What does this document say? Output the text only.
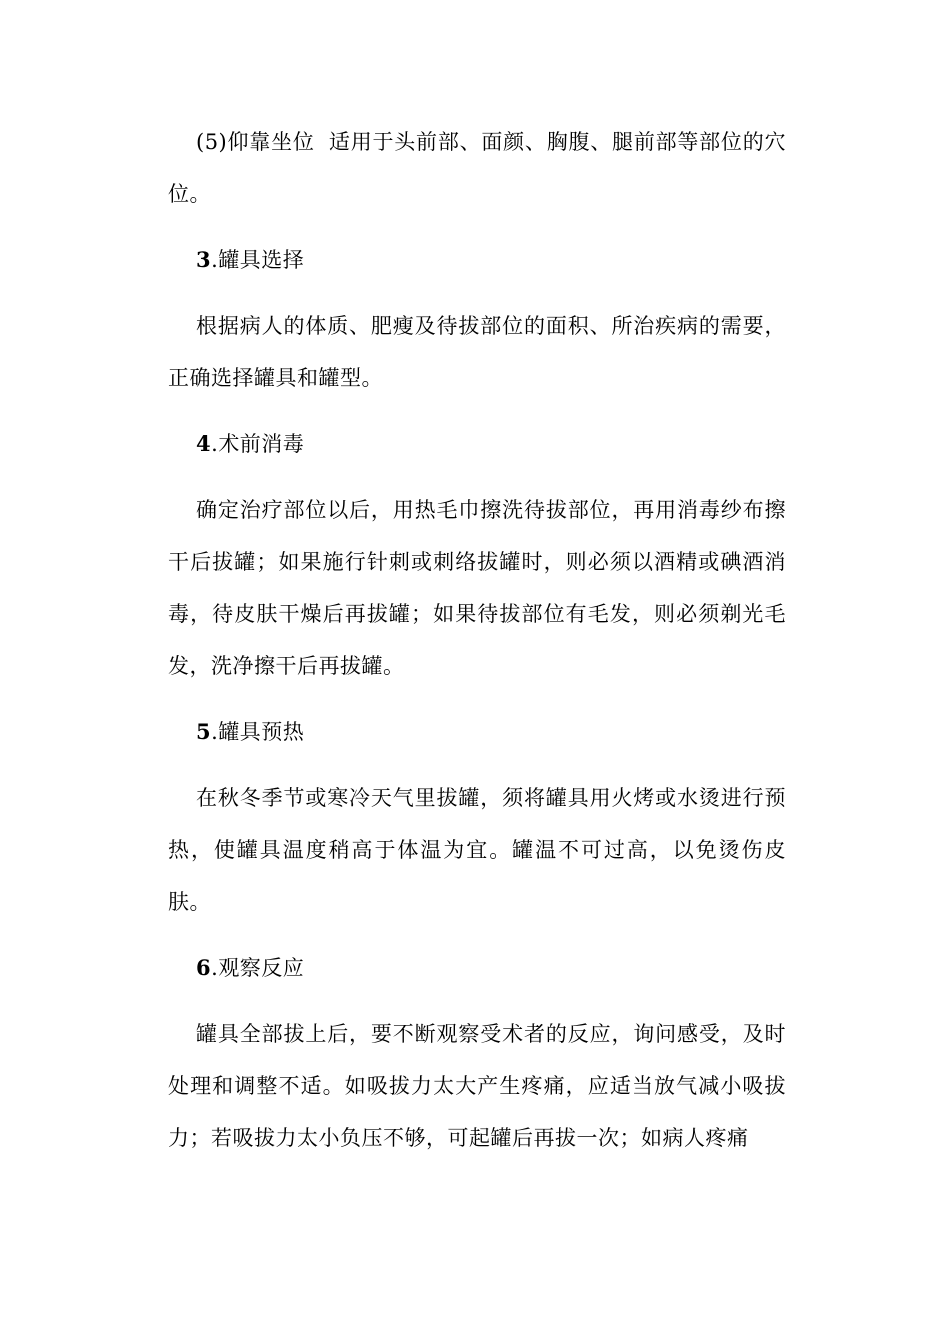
(5)仰靠坐位 适用于头前部、面颜、胸腹、腿前部等部位的穴位。

3.罐具选择

根据病人的体质、肥瘦及待拔部位的面积、所治疾病的需要，正确选择罐具和罐型。

4.术前消毒

确定治疗部位以后，用热毛巾擦洗待拔部位，再用消毒纱布擦干后拔罐；如果施行针刺或刺络拔罐时，则必须以酒精或碘酒消毒，待皮肤干燥后再拔罐；如果待拔部位有毛发，则必须剃光毛发，洗净擦干后再拔罐。

5.罐具预热

在秋冬季节或寒冷天气里拔罐，须将罐具用火烤或水烫进行预热，使罐具温度稍高于体温为宜。罐温不可过高，以免烫伤皮肤。

6.观察反应

罐具全部拔上后，要不断观察受术者的反应，询问感受，及时处理和调整不适。如吸拔力太大产生疼痛，应适当放气减小吸拔力；若吸拔力太小负压不够，可起罐后再拔一次；如病人疼痛
